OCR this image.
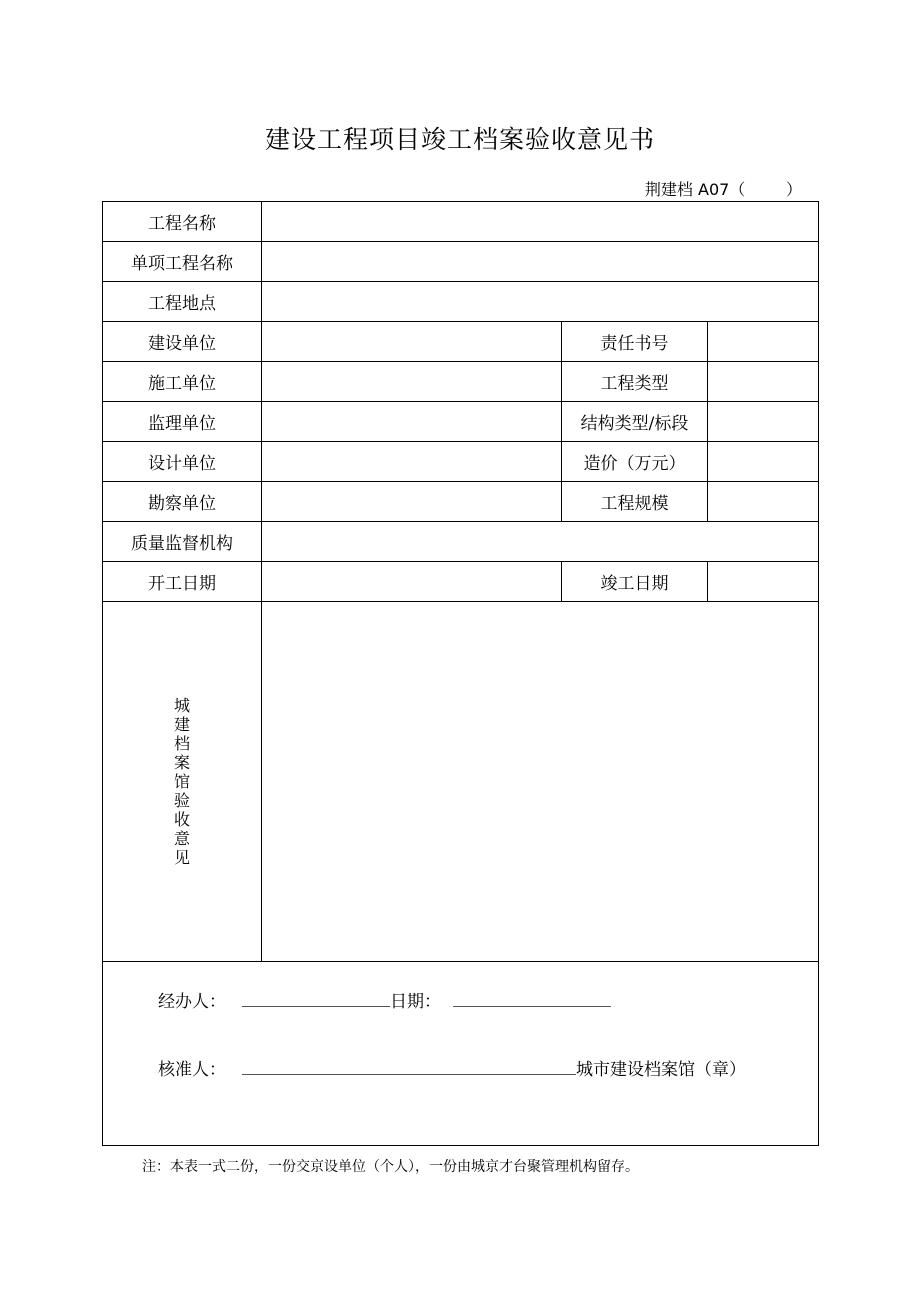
建设工程项目竣工档案验收意见书
荆建档 A07（        ）
工程名称			
单项工程名称			
工程地点			
建设单位		责任书号	
施工单位		工程类型	
监理单位		结构类型/标段	
设计单位		造价（万元）	
勘察单位		工程规模	
质量监督机构			
开工日期		竣工日期	
城建档案馆验收意见			

经办人： 日期：
核准人： 城市建设档案馆（章）			
注：本表一式二份，一份交京设单位（个人），一份由城京才台聚管理机构留存。
